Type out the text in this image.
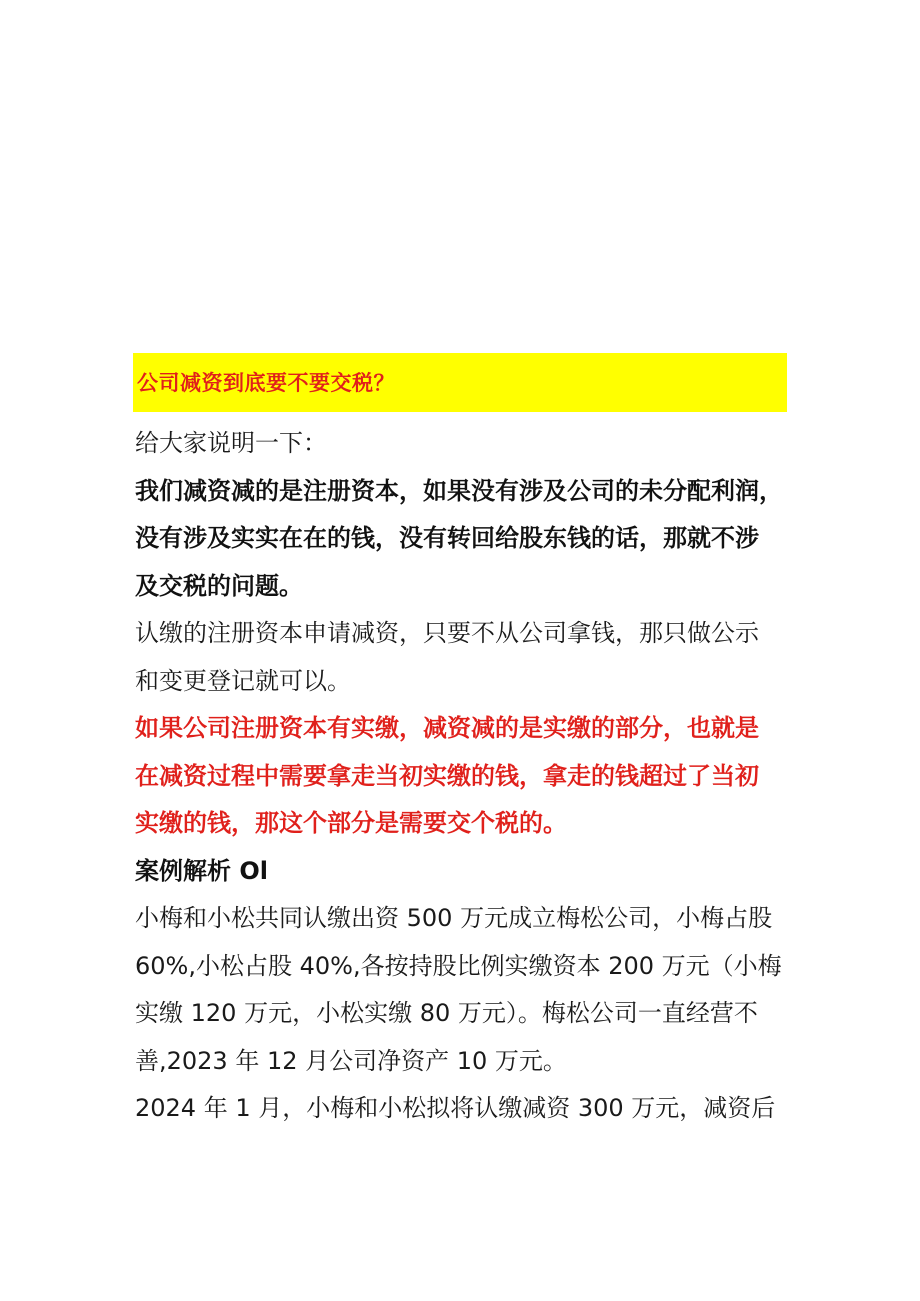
公司减资到底要不要交税？

给大家说明一下：

我们减资减的是注册资本，如果没有涉及公司的未分配利润，
没有涉及实实在在的钱，没有转回给股东钱的话，那就不涉
及交税的问题。

认缴的注册资本申请减资，只要不从公司拿钱，那只做公示
和变更登记就可以。

如果公司注册资本有实缴，减资减的是实缴的部分，也就是
在减资过程中需要拿走当初实缴的钱，拿走的钱超过了当初
实缴的钱，那这个部分是需要交个税的。

案例解析 Ol

小梅和小松共同认缴出资 500 万元成立梅松公司，小梅占股
60%,小松占股 40%,各按持股比例实缴资本 200 万元（小梅
实缴 120 万元，小松实缴 80 万元）。梅松公司一直经营不
善,2023 年 12 月公司净资产 10 万元。

2024 年 1 月，小梅和小松拟将认缴减资 300 万元，减资后
